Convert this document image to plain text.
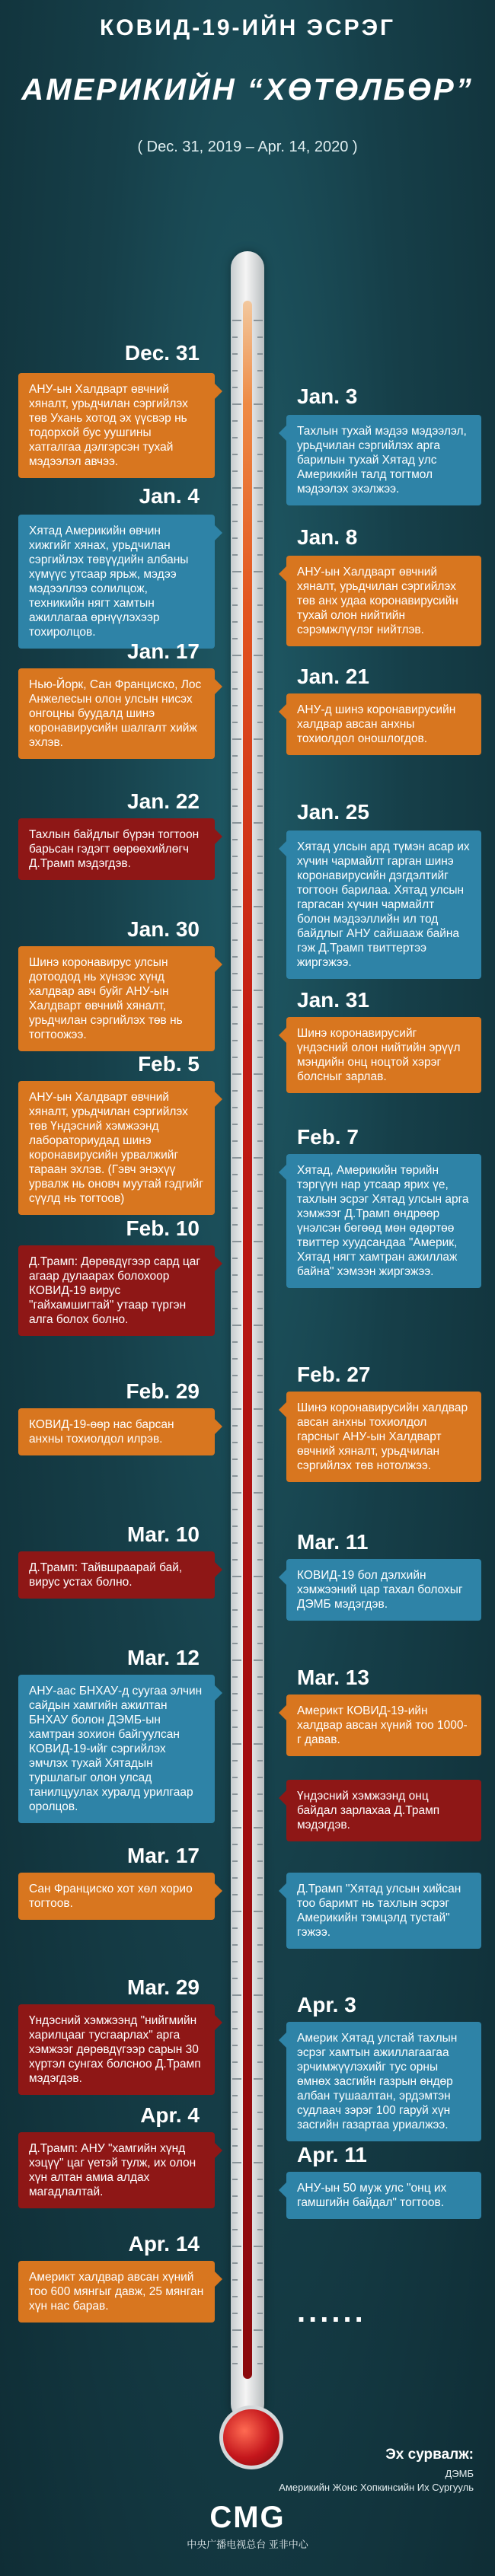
КОВИД-19-ИЙН ЭСРЭГ
АМЕРИКИЙН “ХӨТӨЛБӨР”
( Dec. 31, 2019 – Apr. 14, 2020 )
Dec. 31
АНУ-ын Халдварт өвчний хяналт, урьдчилан сэргийлэх төв Ухань хотод эх үүсвэр нь тодорхой бус уушгины хатгалгаа дэлгэрсэн тухай мэдээлэл авчээ.
Jan. 3
Тахлын тухай мэдээ мэдээлэл, урьдчилан сэргийлэх арга барилын тухай Хятад улс Америкийн талд тогтмол мэдээлэх эхэлжээ.
Jan. 4
Хятад Америкийн өвчин хижгийг хянах, урьдчилан сэргийлэх төвүүдийн албаны хүмүүс утсаар ярьж, мэдээ мэдээллээ солилцож, техникийн нягт хамтын ажиллагаа өрнүүлэхээр тохиролцов.
Jan. 8
АНУ-ын Халдварт өвчний хяналт, урьдчилан сэргийлэх төв анх удаа коронавирусийн тухай олон нийтийн сэрэмжлүүлэг нийтлэв.
Jan. 17
Нью-Йорк, Сан Франциско, Лос Анжелесын олон улсын нисэх онгоцны буудалд шинэ коронавирусийн шалгалт хийж эхлэв.
Jan. 21
АНУ-д шинэ коронавирусийн халдвар авсан анхны тохиолдол оношлогдов.
Jan. 22
Тахлын байдлыг бүрэн тогтоон барьсан гэдэгт өөрөөхийлөгч Д.Трамп мэдэгдэв.
Jan. 25
Хятад улсын ард түмэн асар их хүчин чармайлт гарган шинэ коронавирусийн дэгдэлтийг тогтоон барилаа. Хятад улсын гаргасан хүчин чармайлт болон мэдээллийн ил тод байдлыг АНУ сайшааж байна гэж Д.Трамп твиттертээ жиргэжээ.
Jan. 30
Шинэ коронавирус улсын дотоодод нь хүнээс хүнд халдвар авч буйг АНУ-ын Халдварт өвчний хяналт, урьдчилан сэргийлэх төв нь тогтоожээ.
Jan. 31
Шинэ коронавирусийг үндэсний олон нийтийн эрүүл мэндийн онц ноцтой хэрэг болсныг зарлав.
Feb. 5
АНУ-ын Халдварт өвчний хяналт, урьдчилан сэргийлэх төв Үндэсний хэмжээнд лабораториудад шинэ коронавирусийн урвалжийг тараан эхлэв. (Гэвч энэхүү урвалж нь оновч муутай гэдгийг сүүлд нь тогтоов)
Feb. 7
Хятад, Америкийн төрийн тэргүүн нар утсаар ярих үе, тахлын эсрэг Хятад улсын арга хэмжээг Д.Трамп өндрөөр үнэлсэн бөгөөд мөн өдөртөө твиттер хуудсандаа "Америк, Хятад нягт хамтран ажиллаж байна" хэмээн жиргэжээ.
Feb. 10
Д.Трамп: Дөрөвдүгээр сард цаг агаар дулаарах болохоор КОВИД-19 вирус "гайхамшигтай" утаар түргэн алга болох болно.
Feb. 29
КОВИД-19-өөр нас барсан анхны тохиолдол илрэв.
Feb. 27
Шинэ коронавирусийн халдвар авсан анхны тохиолдол гарсныг АНУ-ын Халдварт өвчний хяналт, урьдчилан сэргийлэх төв нотолжээ.
Mar. 10
Д.Трамп: Тайвшраарай бай, вирус устах болно.
Mar. 11
КОВИД-19 бол дэлхийн хэмжээний цар тахал болохыг ДЭМБ мэдэгдэв.
Mar. 12
АНУ-аас БНХАУ-д суугаа элчин сайдын хамгийн ажилтан БНХАУ болон ДЭМБ-ын хамтран зохион байгуулсан КОВИД-19-ийг сэргийлэх эмчлэх тухай Хятадын туршлагыг олон улсад танилцуулах хуралд урилгаар оролцов.
Mar. 13
Америкт КОВИД-19-ийн халдвар авсан хүний тоо 1000-г давав.
Үндэсний хэмжээнд онц байдал зарлахаа Д.Трамп мэдэгдэв.
Mar. 17
Сан Франциско хот хөл хорио тогтоов.
Д.Трамп "Хятад улсын хийсан тоо баримт нь тахлын эсрэг Америкийн тэмцэлд тустай" гэжээ.
Mar. 29
Үндэсний хэмжээнд "нийгмийн харилцааг тусгаарлах" арга хэмжээг дөрөвдүгээр сарын 30 хүртэл сунгах болсноо Д.Трамп мэдэгдэв.
Apr. 3
Америк Хятад улстай тахлын эсрэг хамтын ажиллагаагаа эрчимжүүлэхийг тус орны өмнөх засгийн газрын өндөр албан тушаалтан, эрдэмтэн судлаач зэрэг 100 гаруй хүн засгийн газартаа уриалжээ.
Apr. 4
Д.Трамп: АНУ "хамгийн хүнд хэцүү" цаг үетэй тулж, их олон хүн алтан амиа алдах магадлалтай.
Apr. 11
АНУ-ын 50 муж улс "онц их гамшгийн байдал" тогтоов.
Apr. 14
Америкт халдвар авсан хүний тоо 600 мянгыг давж, 25 мянган хүн нас барав.	......
Эх сурвалж:
ДЭМБ
Америкийн Жонс Хопкинсийн Их Сургууль
CMG
中央广播电视总台 亚非中心
